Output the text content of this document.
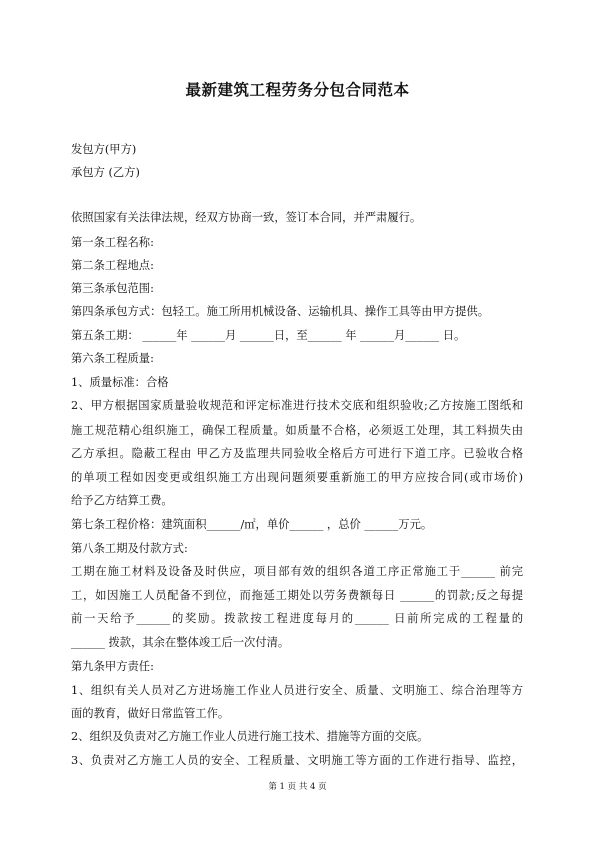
最新建筑工程劳务分包合同范本
发包方(甲方)
承包方 (乙方)
依照国家有关法律法规，经双方协商一致，签订本合同，并严肃履行。
第一条工程名称:
第二条工程地点:
第三条承包范围:
第四条承包方式：包轻工。施工所用机械设备、运输机具、操作工具等由甲方提供。
第五条工期： ______年 ______月 ______日，至______ 年 ______月______ 日。
第六条工程质量:
1、质量标准：合格
2、甲方根据国家质量验收规范和评定标准进行技术交底和组织验收;乙方按施工图纸和
施工规范精心组织施工，确保工程质量。如质量不合格，必须返工处理，其工料损失由
乙方承担。隐蔽工程由 甲乙方及监理共同验收全格后方可进行下道工序。已验收合格
的单项工程如因变更或组织施工方出现问题须要重新施工的甲方应按合同(或市场价)
给予乙方结算工费。
第七条工程价格：建筑面积______/㎡，单价______ ，总价 ______万元。
第八条工期及付款方式:
工期在施工材料及设备及时供应，项目部有效的组织各道工序正常施工于______ 前完
工，如因施工人员配备不到位，而拖延工期处以劳务费额每日 ______的罚款;反之每提
前一天给予______的奖励。拨款按工程进度每月的______ 日前所完成的工程量的
______ 拨款，其余在整体竣工后一次付清。
第九条甲方责任:
1、组织有关人员对乙方进场施工作业人员进行安全、质量、文明施工、综合治理等方
面的教育，做好日常监管工作。
2、组织及负责对乙方施工作业人员进行施工技术、措施等方面的交底。
3、负责对乙方施工人员的安全、工程质量、文明施工等方面的工作进行指导、监控，
第 1 页 共 4 页
